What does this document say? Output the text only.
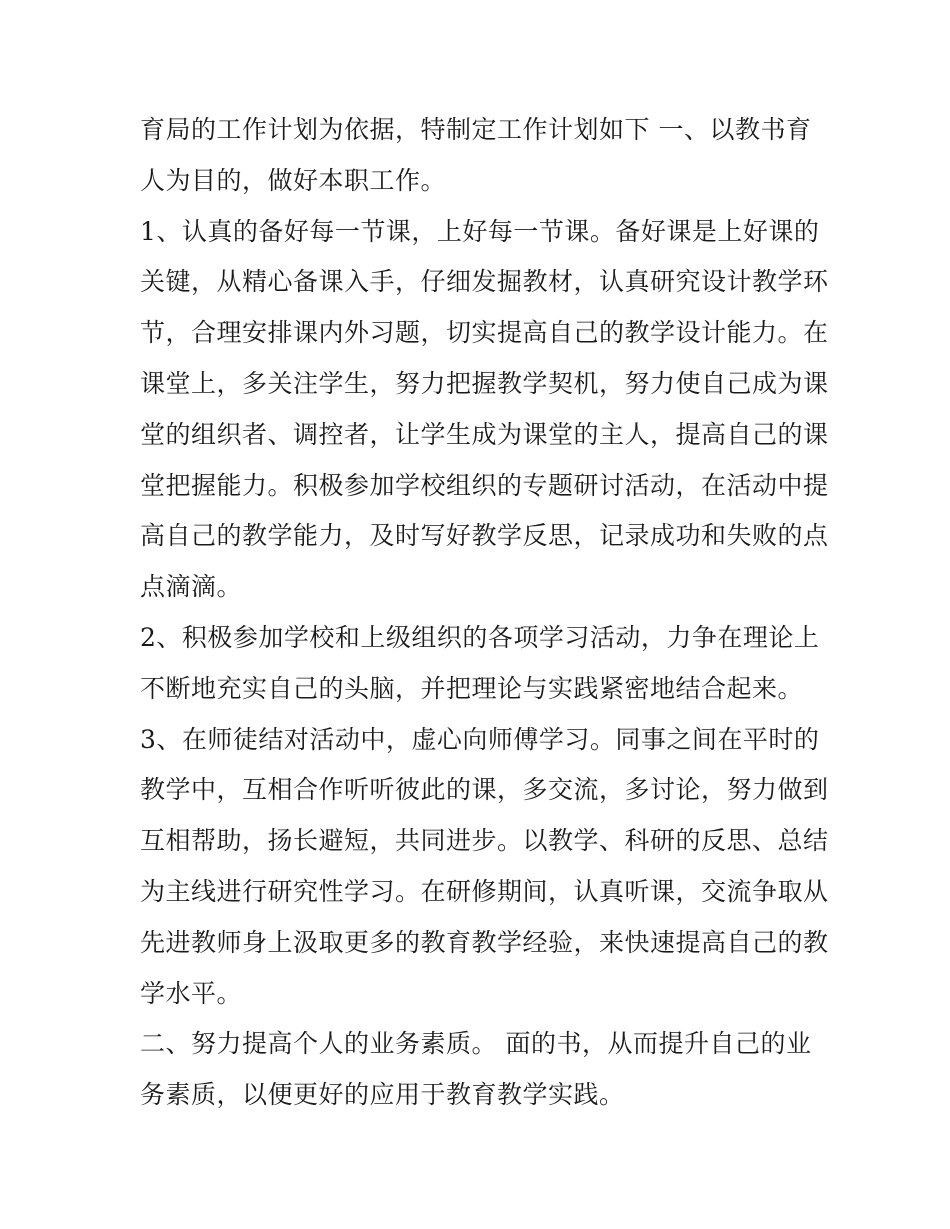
育局的工作计划为依据，特制定工作计划如下 一、以教书育
人为目的，做好本职工作。
1、认真的备好每一节课，上好每一节课。备好课是上好课的
关键，从精心备课入手，仔细发掘教材，认真研究设计教学环
节，合理安排课内外习题，切实提高自己的教学设计能力。在
课堂上，多关注学生，努力把握教学契机，努力使自己成为课
堂的组织者、调控者，让学生成为课堂的主人，提高自己的课
堂把握能力。积极参加学校组织的专题研讨活动，在活动中提
高自己的教学能力，及时写好教学反思，记录成功和失败的点
点滴滴。
2、积极参加学校和上级组织的各项学习活动，力争在理论上
不断地充实自己的头脑，并把理论与实践紧密地结合起来。
3、在师徒结对活动中，虚心向师傅学习。同事之间在平时的
教学中，互相合作听听彼此的课，多交流，多讨论，努力做到
互相帮助，扬长避短，共同进步。以教学、科研的反思、总结
为主线进行研究性学习。在研修期间，认真听课，交流争取从
先进教师身上汲取更多的教育教学经验，来快速提高自己的教
学水平。
二、努力提高个人的业务素质。 面的书，从而提升自己的业
务素质，以便更好的应用于教育教学实践。
